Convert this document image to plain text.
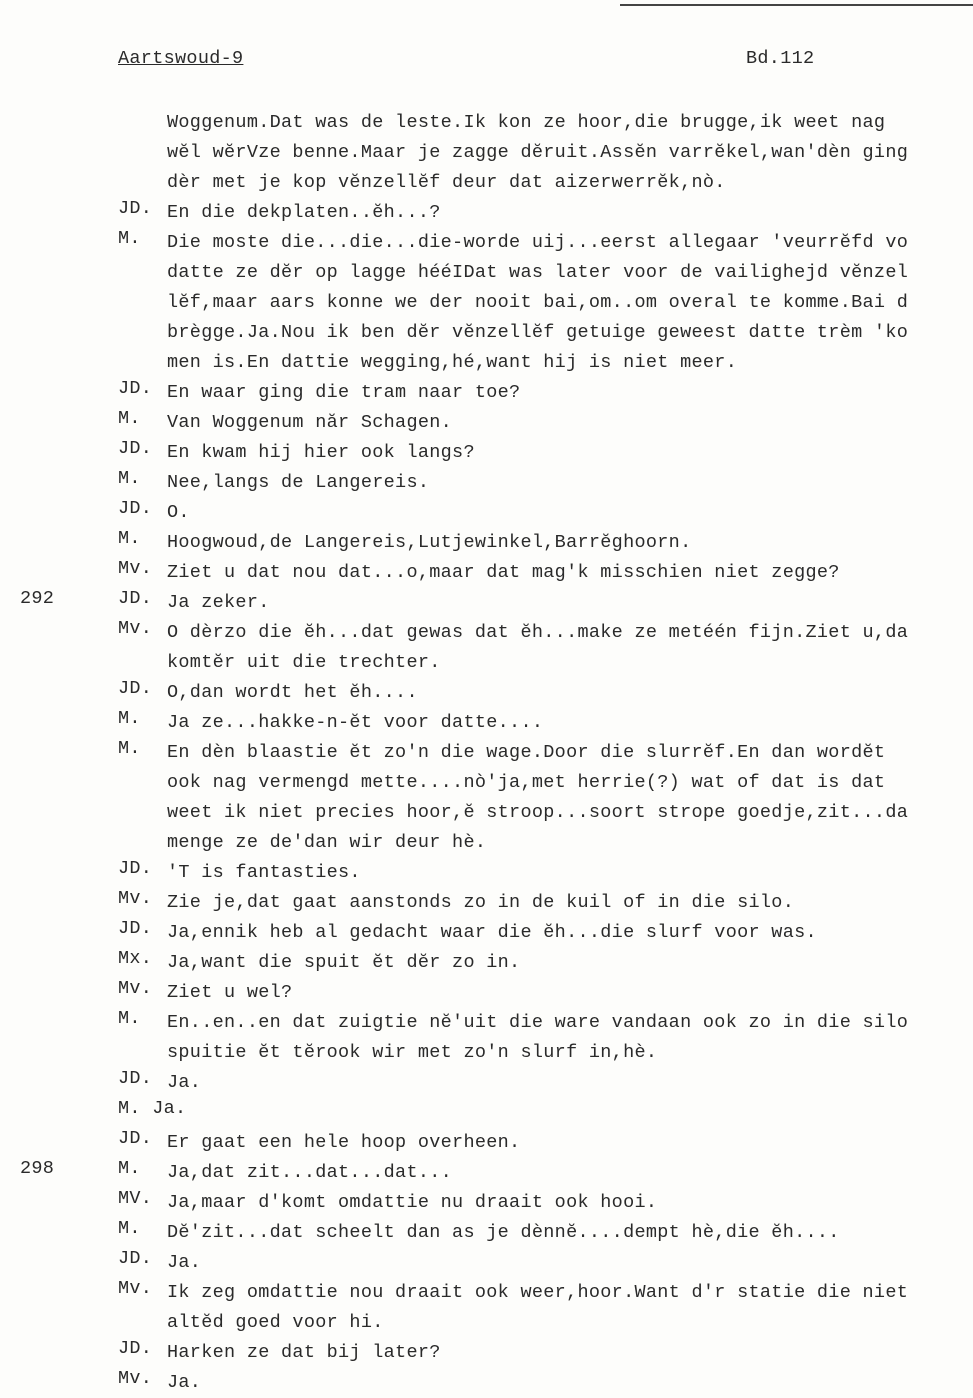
Aartswoud-9	Bd.112
Woggenum.Dat was de leste.Ik kon ze hoor,die brugge,ik weet nag
wĕl wĕrVze benne.Maar je zagge dĕruit.Assĕn varrĕkel,wan'dèn ging
dèr met je kop vĕnzellĕf deur dat aizerwerrĕk,nò.
JD. En die dekplaten..ĕh...?
M. Die moste die...die...die-worde uij...eerst allegaar 'veurrĕfd vo
datte ze dĕr op lagge hééIDat was later voor de vailighejd vĕnzel
lĕf,maar aars konne we der nooit bai,om..om overal te komme.Bai d
brègge.Ja.Nou ik ben dĕr vĕnzellĕf getuige geweest datte trèm 'ko
men is.En dattie wegging,hé,want hij is niet meer.
JD. En waar ging die tram naar toe?
M. Van Woggenum năr Schagen.
JD. En kwam hij hier ook langs?
M. Nee,langs de Langereis.
JD. O.
M. Hoogwoud,de Langereis,Lutjewinkel,Barrĕghoorn.
Mv. Ziet u dat nou dat...o,maar dat mag'k misschien niet zegge?
292	JD. Ja zeker.
Mv. O dèrzo die ĕh...dat gewas dat ĕh...make ze metéén fijn.Ziet u,da
komtĕr uit die trechter.
JD. O,dan wordt het ĕh....
M. Ja ze...hakke-n-ĕt voor datte....
M. En dèn blaastie ĕt zo'n die wage.Door die slurrĕf.En dan wordĕt
ook nag vermengd mette....nò'ja,met herrie(?) wat of dat is dat
weet ik niet precies hoor,ĕ stroop...soort strope goedje,zit...da
menge ze de'dan wir deur hè.
JD. 'T is fantasties.
Mv. Zie je,dat gaat aanstonds zo in de kuil of in die silo.
JD. Ja,ennik heb al gedacht waar die ĕh...die slurf voor was.
Mx. Ja,want die spuit ĕt dĕr zo in.
Mv. Ziet u wel?
M. En..en..en dat zuigtie nĕ'uit die ware vandaan ook zo in die silo
spuitie ĕt tĕrook wir met zo'n slurf in,hè.
JD. Ja.
M. Ja.
JD. Er gaat een hele hoop overheen.
298	M. Ja,dat zit...dat...dat...
MV. Ja,maar d'komt omdattie nu draait ook hooi.
M. Dĕ'zit...dat scheelt dan as je dènnĕ....dempt hè,die ĕh....
JD. Ja.
Mv. Ik zeg omdattie nou draait ook weer,hoor.Want d'r statie die niet
altĕd goed voor hi.
JD. Harken ze dat bij later?
Mv. Ja.
